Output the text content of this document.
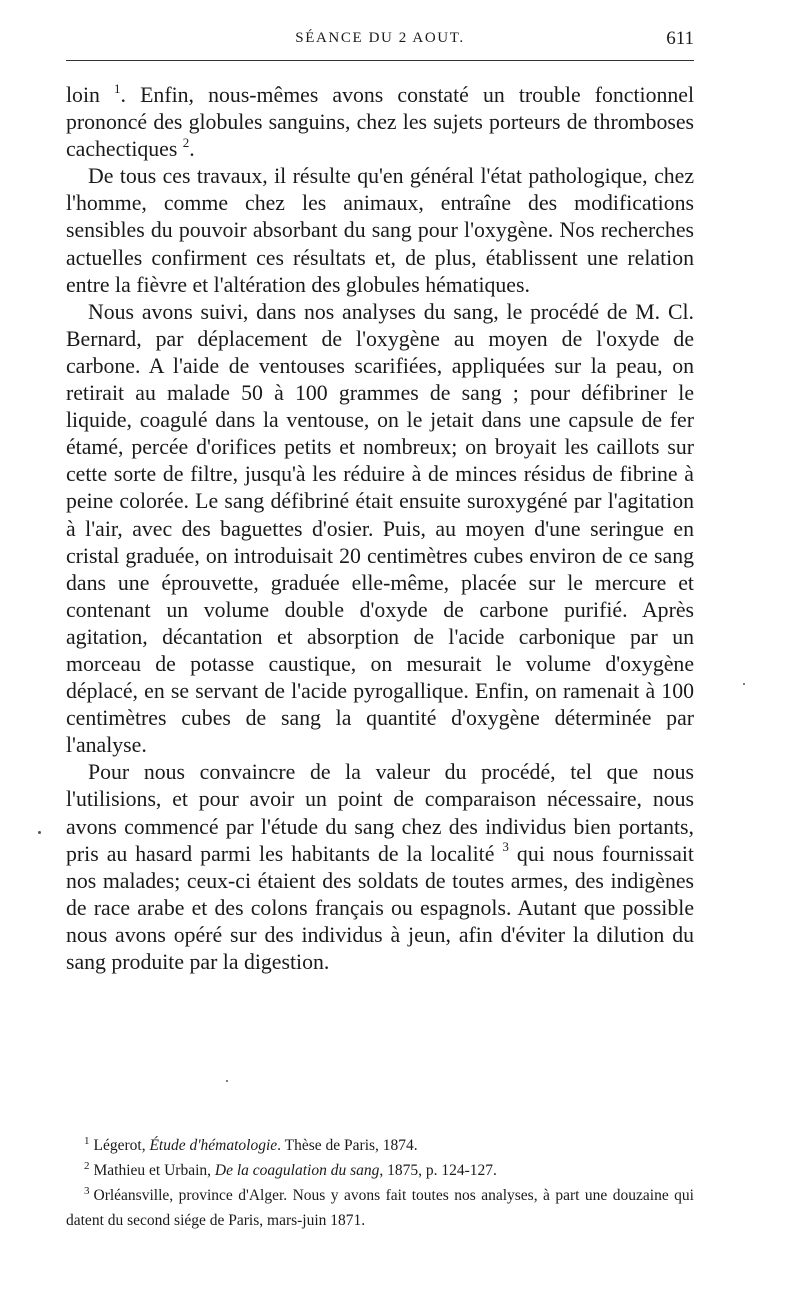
SÉANCE DU 2 AOUT.	611

loin $^1$. Enfin, nous-mêmes avons constaté un trouble fonctionnel prononcé des globules sanguins, chez les sujets porteurs de thromboses cachectiques $^2$.

De tous ces travaux, il résulte qu'en général l'état pathologique, chez l'homme, comme chez les animaux, entraîne des modifications sensibles du pouvoir absorbant du sang pour l'oxygène. Nos recherches actuelles confirment ces résultats et, de plus, établissent une relation entre la fièvre et l'altération des globules hématiques.

Nous avons suivi, dans nos analyses du sang, le procédé de M. Cl. Bernard, par déplacement de l'oxygène au moyen de l'oxyde de carbone. A l'aide de ventouses scarifiées, appliquées sur la peau, on retirait au malade 50 à 100 grammes de sang ; pour défibriner le liquide, coagulé dans la ventouse, on le jetait dans une capsule de fer étamé, percée d'orifices petits et nombreux; on broyait les caillots sur cette sorte de filtre, jusqu'à les réduire à de minces résidus de fibrine à peine colorée. Le sang défibriné était ensuite suroxygéné par l'agitation à l'air, avec des baguettes d'osier. Puis, au moyen d'une seringue en cristal graduée, on introduisait 20 centimètres cubes environ de ce sang dans une éprouvette, graduée elle-même, placée sur le mercure et contenant un volume double d'oxyde de carbone purifié. Après agitation, décantation et absorption de l'acide carbonique par un morceau de potasse caustique, on mesurait le volume d'oxygène déplacé, en se servant de l'acide pyrogallique. Enfin, on ramenait à 100 centimètres cubes de sang la quantité d'oxygène déterminée par l'analyse.

Pour nous convaincre de la valeur du procédé, tel que nous l'utilisions, et pour avoir un point de comparaison nécessaire, nous avons commencé par l'étude du sang chez des individus bien portants, pris au hasard parmi les habitants de la localité $^3$ qui nous fournissait nos malades; ceux-ci étaient des soldats de toutes armes, des indigènes de race arabe et des colons français ou espagnols. Autant que possible nous avons opéré sur des individus à jeun, afin d'éviter la dilution du sang produite par la digestion.

$^1$ Légerot, Étude d'hématologie. Thèse de Paris, 1874.

$^2$ Mathieu et Urbain, De la coagulation du sang, 1875, p. 124-127.

$^3$ Orléansville, province d'Alger. Nous y avons fait toutes nos analyses, à part une douzaine qui datent du second siége de Paris, mars-juin 1871.
